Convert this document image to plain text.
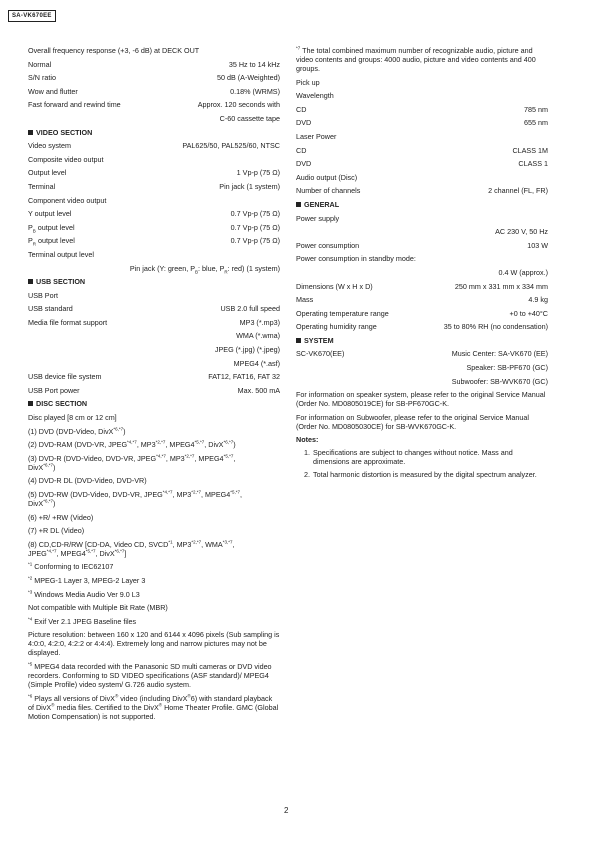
SA-VK670EE
Overall frequency response (+3, -6 dB) at DECK OUT
Normal	35 Hz to 14 kHz
S/N ratio	50 dB (A-Weighted)
Wow and flutter	0.18% (WRMS)
Fast forward and rewind time	Approx. 120 seconds with
C-60 cassette tape
VIDEO SECTION
Video system	PAL625/50, PAL525/60, NTSC
Composite video output
Output level	1 Vp-p (75 Ω)
Terminal	Pin jack (1 system)
Component video output
Y output level	0.7 Vp-p (75 Ω)
$P_B$ output level	0.7 Vp-p (75 Ω)
$P_R$ output level	0.7 Vp-p (75 Ω)
Terminal output level
Pin jack (Y: green, $P_B$: blue, $P_R$: red) (1 system)
USB SECTION
USB Port
USB standard	USB 2.0 full speed
Media file format support	MP3 (*.mp3)
WMA (*.wma)
JPEG (*.jpg) (*.jpeg)
MPEG4 (*.asf)
USB device file system	FAT12, FAT16, FAT 32
USB Port power	Max. 500 mA
DISC SECTION
Disc played [8 cm or 12 cm]
(1) DVD (DVD-Video, DivX$^{*6,*7}$)
(2) DVD-RAM (DVD-VR, $JPEG^{*4,*7}$, $MP3^{*2,*7}$, $MPEG4^{*5,*7}$, DivX$^{*6,*7}$)
(3) DVD-R (DVD-Video, DVD-VR, $JPEG^{*4,*7}$, $MP3^{*2,*7}$, $MPEG4^{*5,*7}$,
DivX$^{*6,*7}$)
(4) DVD-R DL (DVD-Video, DVD-VR)
(5) DVD-RW (DVD-Video, DVD-VR, $JPEG^{*4,*7}$, $MP3^{*2,*7}$, $MPEG4^{*5,*7}$,
DivX$^{*6,*7}$)
(6) +R/ +RW (Video)
(7) +R DL (Video)
(8) CD,CD-R/RW [CD-DA, Video CD, SVCD$^{*1}$, $MP3^{*2,*7}$, $WMA^{*3,*7}$,
$JPEG^{*4,*7}$, $MPEG4^{*5,*7}$, DivX$^{*6,*7}$]
$^{*1}$ Conforming to IEC62107
$^{*2}$ MPEG-1 Layer 3, MPEG-2 Layer 3
$^{*3}$ Windows Media Audio Ver 9.0 L3
Not compatible with Multiple Bit Rate (MBR)
$^{*4}$ Exif Ver 2.1 JPEG Baseline files
Picture resolution: between 160 x 120 and 6144 x 4096 pixels (Sub sampling is 4:0:0, 4:2:0, 4:2:2 or 4:4:4). Extremely long and narrow pictures may not be displayed.
$^{*5}$ MPEG4 data recorded with the Panasonic SD multi cameras or DVD video recorders. Conforming to SD VIDEO specifications (ASF standard)/ MPEG4 (Simple Profile) video system/ G.726 audio system.
$^{*6}$ Plays all versions of DivX® video (including DivX®6) with standard playback of DivX® media files. Certified to the DivX® Home Theater Profile. GMC (Global Motion Compensation) is not supported.
$^{*7}$ The total combined maximum number of recognizable audio, picture and video contents and groups: 4000 audio, picture and video contents and 400 groups.
Pick up
Wavelength
CD	785 nm
DVD	655 nm
Laser Power
CD	CLASS 1M
DVD	CLASS 1
Audio output (Disc)
Number of channels	2 channel (FL, FR)
GENERAL
Power supply
AC 230 V, 50 Hz
Power consumption	103 W
Power consumption in standby mode:
0.4 W (approx.)
Dimensions (W x H x D)	250 mm x 331 mm x 334 mm
Mass	4.9 kg
Operating temperature range	+0 to +40°C
Operating humidity range	35 to 80% RH (no condensation)
SYSTEM
SC-VK670(EE)	Music Center: SA-VK670 (EE)
Speaker: SB-PF670 (GC)
Subwoofer: SB-WVK670 (GC)
For information on speaker system, please refer to the original Service Manual (Order No. MD0805019CE) for SB-PF670GC-K.
For information on Subwoofer, please refer to the original Service Manual (Order No. MD0805030CE) for SB-WVK670GC-K.
Notes:
1. Specifications are subject to changes without notice. Mass and dimensions are approximate.
2. Total harmonic distortion is measured by the digital spectrum analyzer.
2
